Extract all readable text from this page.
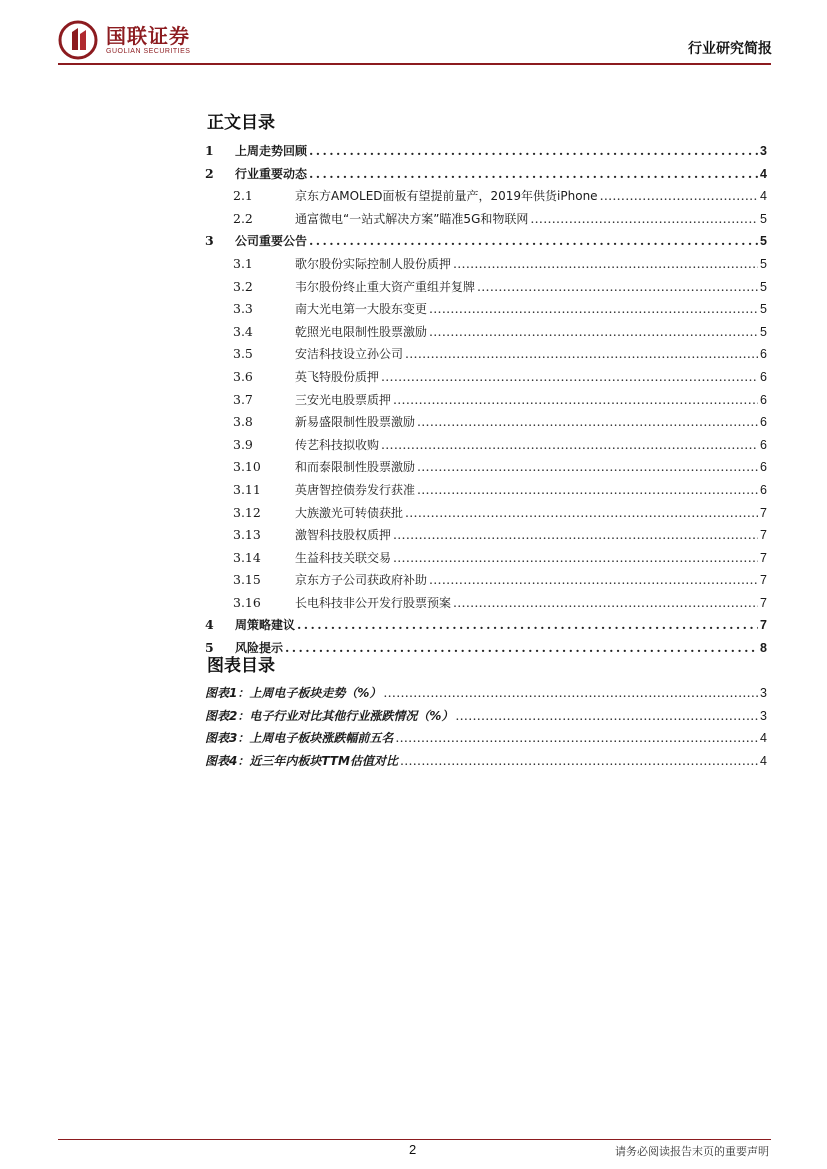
国联证券
GUOLIAN SECURITIES	行业研究简报
正文目录
1	上周走势回顾 .....	3
2	行业重要动态 .....	4
2.1	京东方AMOLED面板有望提前量产，2019年供货iPhone .....	4
2.2	通富微电“一站式解决方案”瞄准5G和物联网 .....	5
3	公司重要公告 .....	5
3.1	歌尔股份实际控制人股份质押 .....	5
3.2	韦尔股份终止重大资产重组并复牌 .....	5
3.3	南大光电第一大股东变更 .....	5
3.4	乾照光电限制性股票激励 .....	5
3.5	安洁科技设立孙公司 .....	6
3.6	英飞特股份质押 .....	6
3.7	三安光电股票质押 .....	6
3.8	新易盛限制性股票激励 .....	6
3.9	传艺科技拟收购 .....	6
3.10	和而泰限制性股票激励 .....	6
3.11	英唐智控债券发行获准 .....	6
3.12	大族激光可转债获批 .....	7
3.13	激智科技股权质押 .....	7
3.14	生益科技关联交易 .....	7
3.15	京东方子公司获政府补助 .....	7
3.16	长电科技非公开发行股票预案 .....	7
4	周策略建议 .....	7
5	风险提示 .....	8
图表目录
图表1：上周电子板块走势（%） .....	3
图表2：电子行业对比其他行业涨跌情况（%） .....	3
图表3：上周电子板块涨跌幅前五名 .....	4
图表4：近三年内板块TTM估值对比 .....	4
2	请务必阅读报告末页的重要声明
